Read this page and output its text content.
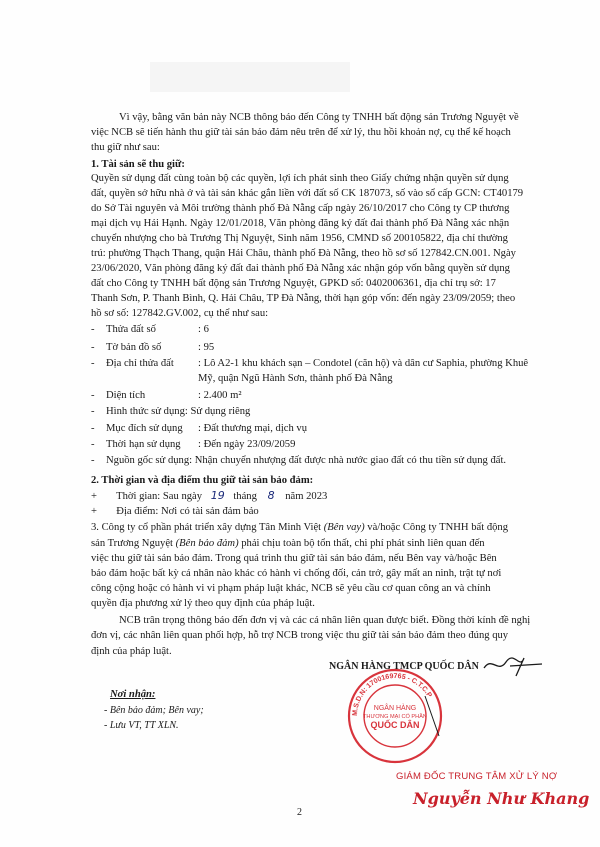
Vì vậy, bằng văn bản này NCB thông báo đến Công ty TNHH bất động sản Trương Nguyệt về
việc NCB sẽ tiến hành thu giữ tài sản bảo đảm nêu trên để xử lý, thu hồi khoản nợ, cụ thể kế hoạch
thu giữ như sau:
1. Tài sản sẽ thu giữ:
Quyền sử dụng đất cùng toàn bộ các quyền, lợi ích phát sinh theo Giấy chứng nhận quyền sử dụng
đất, quyền sở hữu nhà ở và tài sản khác gắn liền với đất số CK 187073, số vào sổ cấp GCN: CT40179
do Sở Tài nguyên và Môi trường thành phố Đà Nẵng cấp ngày 26/10/2017 cho Công ty CP thương
mại dịch vụ Hải Hạnh. Ngày 12/01/2018, Văn phòng đăng ký đất đai thành phố Đà Nẵng xác nhận
chuyển nhượng cho bà Trương Thị Nguyệt, Sinh năm 1956, CMND số 200105822, địa chỉ thường
trú: phường Thạch Thang, quận Hải Châu, thành phố Đà Nẵng, theo hồ sơ số 127842.CN.001. Ngày
23/06/2020, Văn phòng đăng ký đất đai thành phố Đà Nẵng xác nhận góp vốn bằng quyền sử dụng
đất cho Công ty TNHH bất động sản Trương Nguyệt, GPKD số: 0402006361, địa chỉ trụ sở: 17
Thanh Sơn, P. Thanh Bình, Q. Hải Châu, TP Đà Nẵng, thời hạn góp vốn: đến ngày 23/09/2059; theo
hồ sơ số: 127842.GV.002, cụ thể như sau:
- Thửa đất số	: 6
- Tờ bản đồ số	: 95
- Địa chỉ thửa đất : Lô A2-1 khu khách sạn – Condotel (căn hộ) và dân cư Saphia, phường Khuê
Mỹ, quận Ngũ Hành Sơn, thành phố Đà Nẵng
- Diện tích	: 2.400 m²
- Hình thức sử dụng: Sử dụng riêng
- Mục đích sử dụng : Đất thương mại, dịch vụ
- Thời hạn sử dụng : Đến ngày 23/09/2059
- Nguồn gốc sử dụng: Nhận chuyển nhượng đất được nhà nước giao đất có thu tiền sử dụng đất.
2. Thời gian và địa điểm thu giữ tài sản bảo đảm:
+ Thời gian: Sau ngày 19 tháng 8 năm 2023
+ Địa điểm: Nơi có tài sản đảm bảo
3. Công ty cổ phần phát triển xây dựng Tân Minh Việt (Bên vay) và/hoặc Công ty TNHH bất động
sản Trương Nguyệt (Bên bảo đảm) phải chịu toàn bộ tổn thất, chi phí phát sinh liên quan đến
việc thu giữ tài sản bảo đảm. Trong quá trình thu giữ tài sản bảo đảm, nếu Bên vay và/hoặc Bên
bảo đảm hoặc bất kỳ cá nhân nào khác có hành vi chống đối, cản trở, gây mất an ninh, trật tự nơi
công cộng hoặc có hành vi vi phạm pháp luật khác, NCB sẽ yêu cầu cơ quan công an và chính
quyền địa phương xử lý theo quy định của pháp luật.
NCB trân trọng thông báo đến đơn vị và các cá nhân liên quan được biết. Đồng thời kính đề nghị
đơn vị, các nhân liên quan phối hợp, hỗ trợ NCB trong việc thu giữ tài sản bảo đảm theo đúng quy
định của pháp luật.
Nơi nhận:
- Bên bảo đảm; Bên vay;
- Lưu VT, TT XLN.
NGÂN HÀNG TMCP QUỐC DÂN
M.S.D.N: 1700169765 - C.T.C.P
NGÂN HÀNG
THƯƠNG MẠI CỔ PHẦN
QUỐC DÂN
GIÁM ĐỐC TRUNG TÂM XỬ LÝ NỢ
Nguyễn Như Khang
2
